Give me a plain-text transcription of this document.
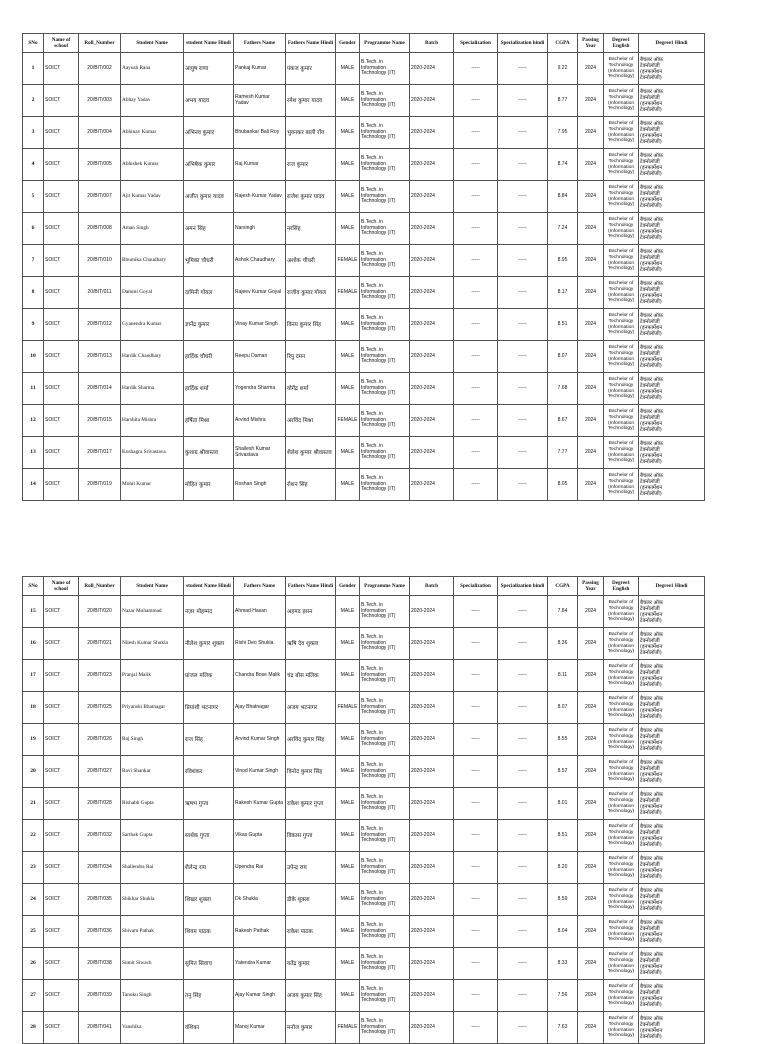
SNo	Name of school	Roll_Number	Student Name	student Name Hindi	Fathers Name	Fathers Name Hindi	Gender	Programme Name	Batch	Specialization	Specialization hindi	CGPA	Passing Year	Degree1 English	Degree1 Hindi
1	SOICT	20/BIT/002	Aayush Rana	आयुष राणा	Pankaj Kumar	पंकज कुमार	MALE	B.Tech. in
Information
Technology (IT)	2020-2024	-----	-----	9.22	2024	Bachelor of
Technology
(Information
Technology)	बैचलर ऑफ़
टेक्नोलॉजी
(इनफार्मेशन
टेक्नोलॉजी)

2	SOICT	20/BIT/003	Abhay Yadav	अभय यादव	Ramesh Kumar Yadav	रमेश कुमार यादव	MALE	B.Tech. in
Information
Technology (IT)	2020-2024	-----	-----	8.77	2024	Bachelor of
Technology
(Information
Technology)	बैचलर ऑफ़
टेक्नोलॉजी
(इनफार्मेशन
टेक्नोलॉजी)

3	SOICT	20/BIT/004	Abhinav Kumar	अभिनव कुमार	Bhubankar Bali Roy	भुवनकर बाली रॉय	MALE	B.Tech. in
Information
Technology (IT)	2020-2024	-----	-----	7.95	2024	Bachelor of
Technology
(Information
Technology)	बैचलर ऑफ़
टेक्नोलॉजी
(इनफार्मेशन
टेक्नोलॉजी)

4	SOICT	20/BIT/005	Abhishek Kumar	अभिषेक कुमार	Raj Kumar	राज कुमार	MALE	B.Tech. in
Information
Technology (IT)	2020-2024	-----	-----	8.74	2024	Bachelor of
Technology
(Information
Technology)	बैचलर ऑफ़
टेक्नोलॉजी
(इनफार्मेशन
टेक्नोलॉजी)

5	SOICT	20/BIT/007	Ajit Kumar Yadav	अजीत कुमार यादव	Rajesh Kumar Yadav	राजेश कुमार यादव	MALE	B.Tech. in
Information
Technology (IT)	2020-2024	-----	-----	8.84	2024	Bachelor of
Technology
(Information
Technology)	बैचलर ऑफ़
टेक्नोलॉजी
(इनफार्मेशन
टेक्नोलॉजी)

6	SOICT	20/BIT/008	Aman Singh	अमन सिंह	Narsingh	नरसिंह	MALE	B.Tech. in
Information
Technology (IT)	2020-2024	-----	-----	7.24	2024	Bachelor of
Technology
(Information
Technology)	बैचलर ऑफ़
टेक्नोलॉजी
(इनफार्मेशन
टेक्नोलॉजी)

7	SOICT	20/BIT/010	Bhumika Chaudhary	भूमिका चौधरी	Ashok Chaudhary	अशोक चौधरी	FEMALE	B.Tech. in
Information
Technology (IT)	2020-2024	-----	-----	8.95	2024	Bachelor of
Technology
(Information
Technology)	बैचलर ऑफ़
टेक्नोलॉजी
(इनफार्मेशन
टेक्नोलॉजी)

8	SOICT	20/BIT/011	Damini Goyal	दामिनी गोयल	Rajeev Kumar Goyal	राजीव कुमार गोयल	FEMALE	B.Tech. in
Information
Technology (IT)	2020-2024	-----	-----	8.17	2024	Bachelor of
Technology
(Information
Technology)	बैचलर ऑफ़
टेक्नोलॉजी
(इनफार्मेशन
टेक्नोलॉजी)

9	SOICT	20/BIT/012	Gyanendra Kumar	ज्ञानेंद्र कुमार	Vinay Kumar Singh	विनय कुमार सिंह	MALE	B.Tech. in
Information
Technology (IT)	2020-2024	-----	-----	8.51	2024	Bachelor of
Technology
(Information
Technology)	बैचलर ऑफ़
टेक्नोलॉजी
(इनफार्मेशन
टेक्नोलॉजी)

10	SOICT	20/BIT/013	Hardik Chaudhary	हार्दिक चौधरी	Reepu Daman	रिपु दमन	MALE	B.Tech. in
Information
Technology (IT)	2020-2024	-----	-----	8.07	2024	Bachelor of
Technology
(Information
Technology)	बैचलर ऑफ़
टेक्नोलॉजी
(इनफार्मेशन
टेक्नोलॉजी)

11	SOICT	20/BIT/014	Hardik Sharma	हार्दिक शर्मा	Yogendra Sharma	योगेंद्र शर्मा	MALE	B.Tech. in
Information
Technology (IT)	2020-2024	-----	-----	7.68	2024	Bachelor of
Technology
(Information
Technology)	बैचलर ऑफ़
टेक्नोलॉजी
(इनफार्मेशन
टेक्नोलॉजी)

12	SOICT	20/BIT/015	Harshita Mishra	हर्षिता मिश्रा	Arvind Mishra	अरविंद मिश्रा	FEMALE	B.Tech. in
Information
Technology (IT)	2020-2024	-----	-----	8.67	2024	Bachelor of
Technology
(Information
Technology)	बैचलर ऑफ़
टेक्नोलॉजी
(इनफार्मेशन
टेक्नोलॉजी)

13	SOICT	20/BIT/017	Kushagra Srivastava	कुशाग्र श्रीवास्तव	Shailesh Kumar Srivastava	शैलेश कुमार श्रीवास्तव	MALE	B.Tech. in
Information
Technology (IT)	2020-2024	-----	-----	7.77	2024	Bachelor of
Technology
(Information
Technology)	बैचलर ऑफ़
टेक्नोलॉजी
(इनफार्मेशन
टेक्नोलॉजी)

14	SOICT	20/BIT/019	Mohit Kumar	मोहित कुमार	Roshan Singh	रोशन सिंह	MALE	B.Tech. in
Information
Technology (IT)	2020-2024	-----	-----	8.05	2024	Bachelor of
Technology
(Information
Technology)	बैचलर ऑफ़
टेक्नोलॉजी
(इनफार्मेशन
टेक्नोलॉजी)
SNo	Name of school	Roll_Number	Student Name	student Name Hindi	Fathers Name	Fathers Name Hindi	Gender	Programme Name	Batch	Specialization	Specialization hindi	CGPA	Passing Year	Degree1 English	Degree1 Hindi
15	SOICT	20/BIT/020	Nazar Mohammad	नज़र मोहम्मद	Ahmad Hasan	अहमद हसन	MALE	B.Tech. in
Information
Technology (IT)	2020-2024	-----	-----	7.84	2024	Bachelor of
Technology
(Information
Technology)	बैचलर ऑफ़
टेक्नोलॉजी
(इनफार्मेशन
टेक्नोलॉजी)

16	SOICT	20/BIT/021	Nilesh Kumar Shukla	नीलेश कुमार शुक्ला	Rishi Deo Shukla	ऋषि देव शुक्ला	MALE	B.Tech. in
Information
Technology (IT)	2020-2024	-----	-----	8.36	2024	Bachelor of
Technology
(Information
Technology)	बैचलर ऑफ़
टेक्नोलॉजी
(इनफार्मेशन
टेक्नोलॉजी)

17	SOICT	20/BIT/023	Pranjal Malik	प्रांजल मलिक	Chandra Bose Malik	चंद्र बोस मलिक	MALE	B.Tech. in
Information
Technology (IT)	2020-2024	-----	-----	8.11	2024	Bachelor of
Technology
(Information
Technology)	बैचलर ऑफ़
टेक्नोलॉजी
(इनफार्मेशन
टेक्नोलॉजी)

18	SOICT	20/BIT/025	Priyanshi Bhatnagar	प्रियांशी भटनागर	Ajay Bhatnagar	अजय भटनागर	FEMALE	B.Tech. in
Information
Technology (IT)	2020-2024	-----	-----	8.07	2024	Bachelor of
Technology
(Information
Technology)	बैचलर ऑफ़
टेक्नोलॉजी
(इनफार्मेशन
टेक्नोलॉजी)

19	SOICT	20/BIT/026	Raj Singh	राज सिंह	Arvind Kumar Singh	अरविंद कुमार सिंह	MALE	B.Tech. in
Information
Technology (IT)	2020-2024	-----	-----	8.55	2024	Bachelor of
Technology
(Information
Technology)	बैचलर ऑफ़
टेक्नोलॉजी
(इनफार्मेशन
टेक्नोलॉजी)

20	SOICT	20/BIT/027	Ravi Shankar	रविशंकर	Vinod Kumar Singh	विनोद कुमार सिंह	MALE	B.Tech. in
Information
Technology (IT)	2020-2024	-----	-----	8.57	2024	Bachelor of
Technology
(Information
Technology)	बैचलर ऑफ़
टेक्नोलॉजी
(इनफार्मेशन
टेक्नोलॉजी)

21	SOICT	20/BIT/028	Rishabh Gupta	ऋषभ गुप्ता	Rakesh Kumar Gupta	राकेश कुमार गुप्ता	MALE	B.Tech. in
Information
Technology (IT)	2020-2024	-----	-----	8.01	2024	Bachelor of
Technology
(Information
Technology)	बैचलर ऑफ़
टेक्नोलॉजी
(इनफार्मेशन
टेक्नोलॉजी)

22	SOICT	20/BIT/032	Sarthak Gupta	सार्थक गुप्ता	Vikas Gupta	विकास गुप्ता	MALE	B.Tech. in
Information
Technology (IT)	2020-2024	-----	-----	8.51	2024	Bachelor of
Technology
(Information
Technology)	बैचलर ऑफ़
टेक्नोलॉजी
(इनफार्मेशन
टेक्नोलॉजी)

23	SOICT	20/BIT/034	Shailendra Rai	शैलेन्द्र राय	Upendra Rai	उपेन्द्र राय	MALE	B.Tech. in
Information
Technology (IT)	2020-2024	-----	-----	8.20	2024	Bachelor of
Technology
(Information
Technology)	बैचलर ऑफ़
टेक्नोलॉजी
(इनफार्मेशन
टेक्नोलॉजी)

24	SOICT	20/BIT/035	Shikhar Shukla	शिखर शुक्ला	Dk Shukla	डीके शुक्ला	MALE	B.Tech. in
Information
Technology (IT)	2020-2024	-----	-----	8.59	2024	Bachelor of
Technology
(Information
Technology)	बैचलर ऑफ़
टेक्नोलॉजी
(इनफार्मेशन
टेक्नोलॉजी)

25	SOICT	20/BIT/036	Shivam Pathak	शिवम पाठक	Rakesh Pathak	राकेश पाठक	MALE	B.Tech. in
Information
Technology (IT)	2020-2024	-----	-----	8.04	2024	Bachelor of
Technology
(Information
Technology)	बैचलर ऑफ़
टेक्नोलॉजी
(इनफार्मेशन
टेक्नोलॉजी)

26	SOICT	20/BIT/038	Sumit Siwach	सुमित सिवाच	Yatendra Kumar	यतेंद्र कुमार	MALE	B.Tech. in
Information
Technology (IT)	2020-2024	-----	-----	8.33	2024	Bachelor of
Technology
(Information
Technology)	बैचलर ऑफ़
टेक्नोलॉजी
(इनफार्मेशन
टेक्नोलॉजी)

27	SOICT	20/BIT/039	Tanuku Singh	तनु सिंह	Ajay Kumar Singh	अजय कुमार सिंह	MALE	B.Tech. in
Information
Technology (IT)	2020-2024	-----	-----	7.56	2024	Bachelor of
Technology
(Information
Technology)	बैचलर ऑफ़
टेक्नोलॉजी
(इनफार्मेशन
टेक्नोलॉजी)

28	SOICT	20/BIT/041	Vanshika	वंशिका	Manoj Kumar	मनोज कुमार	FEMALE	B.Tech. in
Information
Technology (IT)	2020-2024	-----	-----	7.63	2024	Bachelor of
Technology
(Information
Technology)	बैचलर ऑफ़
टेक्नोलॉजी
(इनफार्मेशन
टेक्नोलॉजी)
